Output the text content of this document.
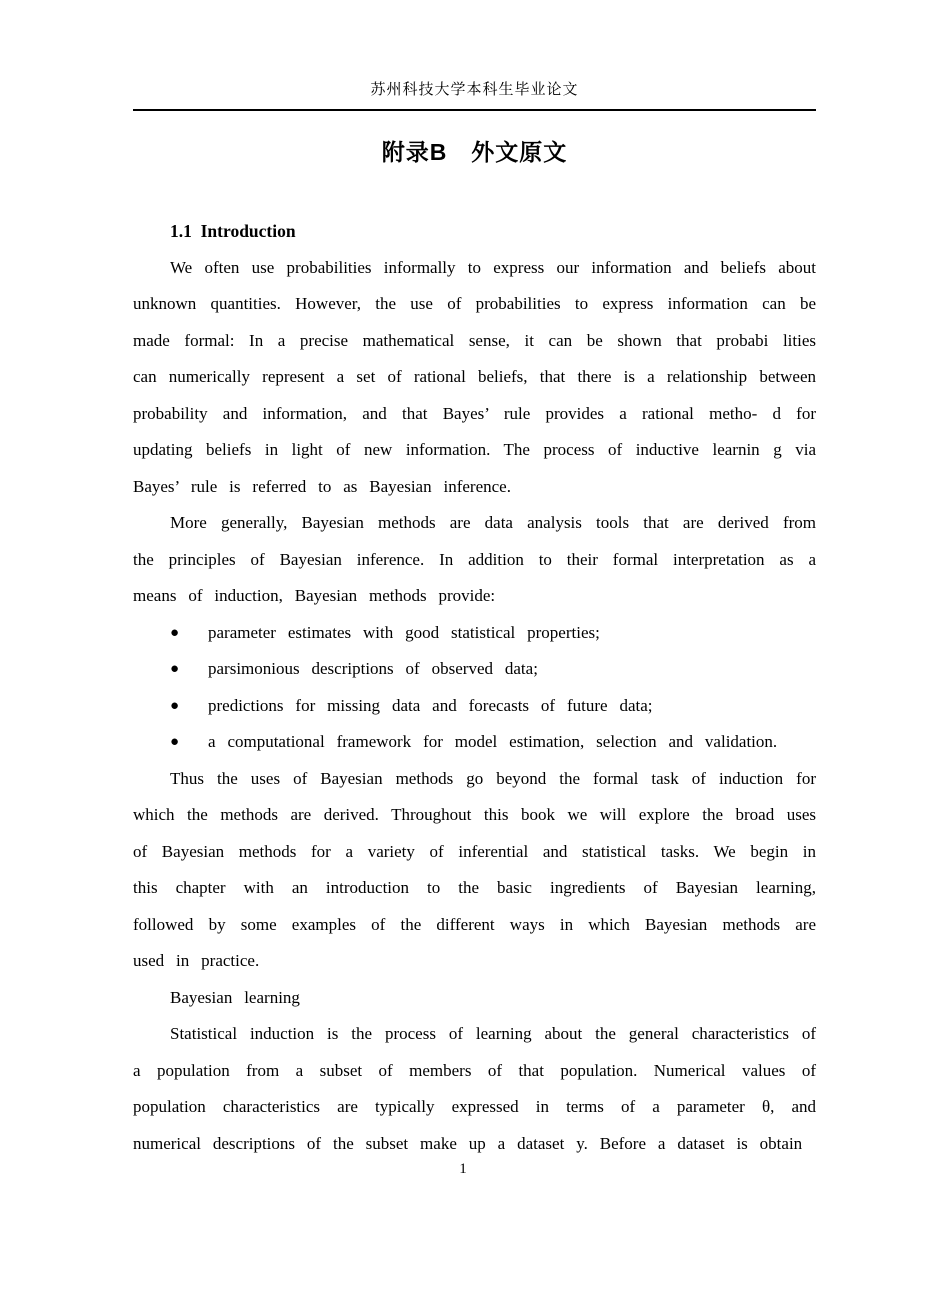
苏州科技大学本科生毕业论文
附录B　外文原文
1.1  Introduction

We often use probabilities informally to express our information and beliefs about unknown quantities. However, the use of probabilities to express information can be made formal: In a precise mathematical sense, it can be shown that probabi lities can numerically represent a set of rational beliefs, that there is a relationship between probability and information, and that Bayes’ rule provides a rational metho- d for updating beliefs in light of new information. The process of inductive learnin g via Bayes’ rule is referred to as Bayesian inference.

More generally, Bayesian methods are data analysis tools that are derived from the principles of Bayesian inference. In addition to their formal interpretation as a means of induction, Bayesian methods provide:

● parameter estimates with good statistical properties;
● parsimonious descriptions of observed data;
● predictions for missing data and forecasts of future data;
● a computational framework for model estimation, selection and validation.

Thus the uses of Bayesian methods go beyond the formal task of induction for which the methods are derived. Throughout this book we will explore the broad uses of Bayesian methods for a variety of inferential and statistical tasks. We begin in this chapter with an introduction to the basic ingredients of Bayesian learning, followed by some examples of the different ways in which Bayesian methods are used in practice.

Bayesian learning

Statistical induction is the process of learning about the general characteristics of a population from a subset of members of that population. Numerical values of population characteristics are typically expressed in terms of a parameter θ, and numerical descriptions of the subset make up a dataset y. Before a dataset is obtain

1
